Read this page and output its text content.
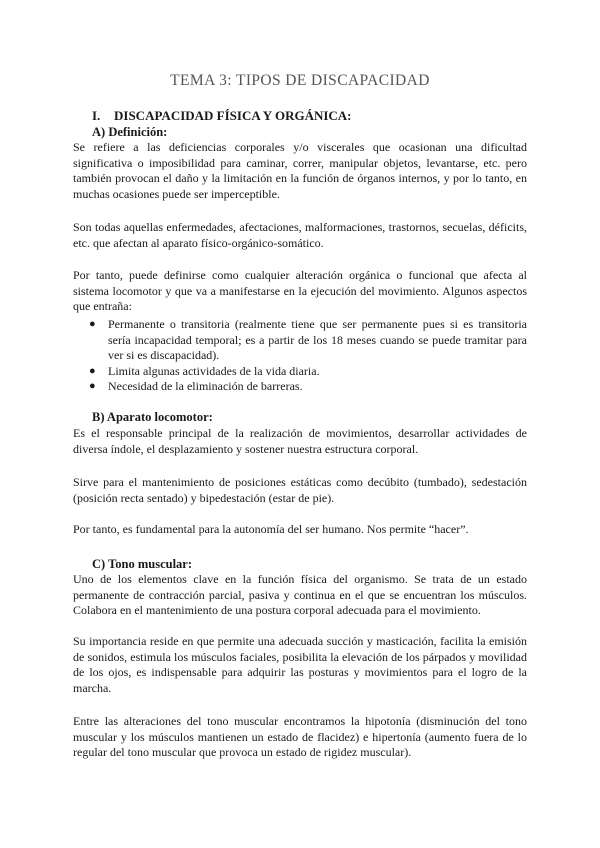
TEMA 3: TIPOS DE DISCAPACIDAD
I. DISCAPACIDAD FÍSICA Y ORGÁNICA:
A) Definición:

Se refiere a las deficiencias corporales y/o viscerales que ocasionan una dificultad significativa o imposibilidad para caminar, correr, manipular objetos, levantarse, etc. pero también provocan el daño y la limitación en la función de órganos internos, y por lo tanto, en muchas ocasiones puede ser imperceptible.

Son todas aquellas enfermedades, afectaciones, malformaciones, trastornos, secuelas, déficits, etc. que afectan al aparato físico-orgánico-somático.

Por tanto, puede definirse como cualquier alteración orgánica o funcional que afecta al sistema locomotor y que va a manifestarse en la ejecución del movimiento. Algunos aspectos que entraña:

● Permanente o transitoria (realmente tiene que ser permanente pues si es transitoria sería incapacidad temporal; es a partir de los 18 meses cuando se puede tramitar para ver si es discapacidad).
● Limita algunas actividades de la vida diaria.
● Necesidad de la eliminación de barreras.
B) Aparato locomotor:

Es el responsable principal de la realización de movimientos, desarrollar actividades de diversa índole, el desplazamiento y sostener nuestra estructura corporal.

Sirve para el mantenimiento de posiciones estáticas como decúbito (tumbado), sedestación (posición recta sentado) y bipedestación (estar de pie).

Por tanto, es fundamental para la autonomía del ser humano. Nos permite “hacer”.

C) Tono muscular:

Uno de los elementos clave en la función física del organismo. Se trata de un estado permanente de contracción parcial, pasiva y continua en el que se encuentran los músculos. Colabora en el mantenimiento de una postura corporal adecuada para el movimiento.

Su importancia reside en que permite una adecuada succión y masticación, facilita la emisión de sonidos, estimula los músculos faciales, posibilita la elevación de los párpados y movilidad de los ojos, es indispensable para adquirir las posturas y movimientos para el logro de la marcha.

Entre las alteraciones del tono muscular encontramos la hipotonía (disminución del tono muscular y los músculos mantienen un estado de flacidez) e hipertonía (aumento fuera de lo regular del tono muscular que provoca un estado de rigidez muscular).
